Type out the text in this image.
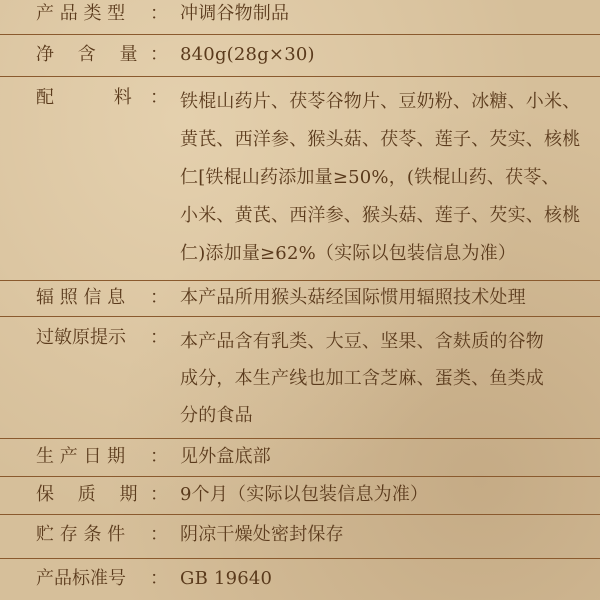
产 品 类 型	： 冲调谷物制品
净　 含　 量 ： 840g(28g×30)
配　　　 料	： 铁棍山药片、茯苓谷物片、豆奶粉、冰糖、小米、
黄芪、西洋参、猴头菇、茯苓、莲子、芡实、核桃
仁[铁棍山药添加量≥50%，(铁棍山药、茯苓、
小米、黄芪、西洋参、猴头菇、莲子、芡实、核桃
仁)添加量≥62%（实际以包装信息为准）
辐 照 信 息	： 本产品所用猴头菇经国际惯用辐照技术处理
过敏原提示	： 本产品含有乳类、大豆、坚果、含麸质的谷物
成分，本生产线也加工含芝麻、蛋类、鱼类成
分的食品
生 产 日 期	： 见外盒底部
保　 质　 期 ： 9个月（实际以包装信息为准）
贮 存 条 件	： 阴凉干燥处密封保存
产品标准号	： GB 19640
